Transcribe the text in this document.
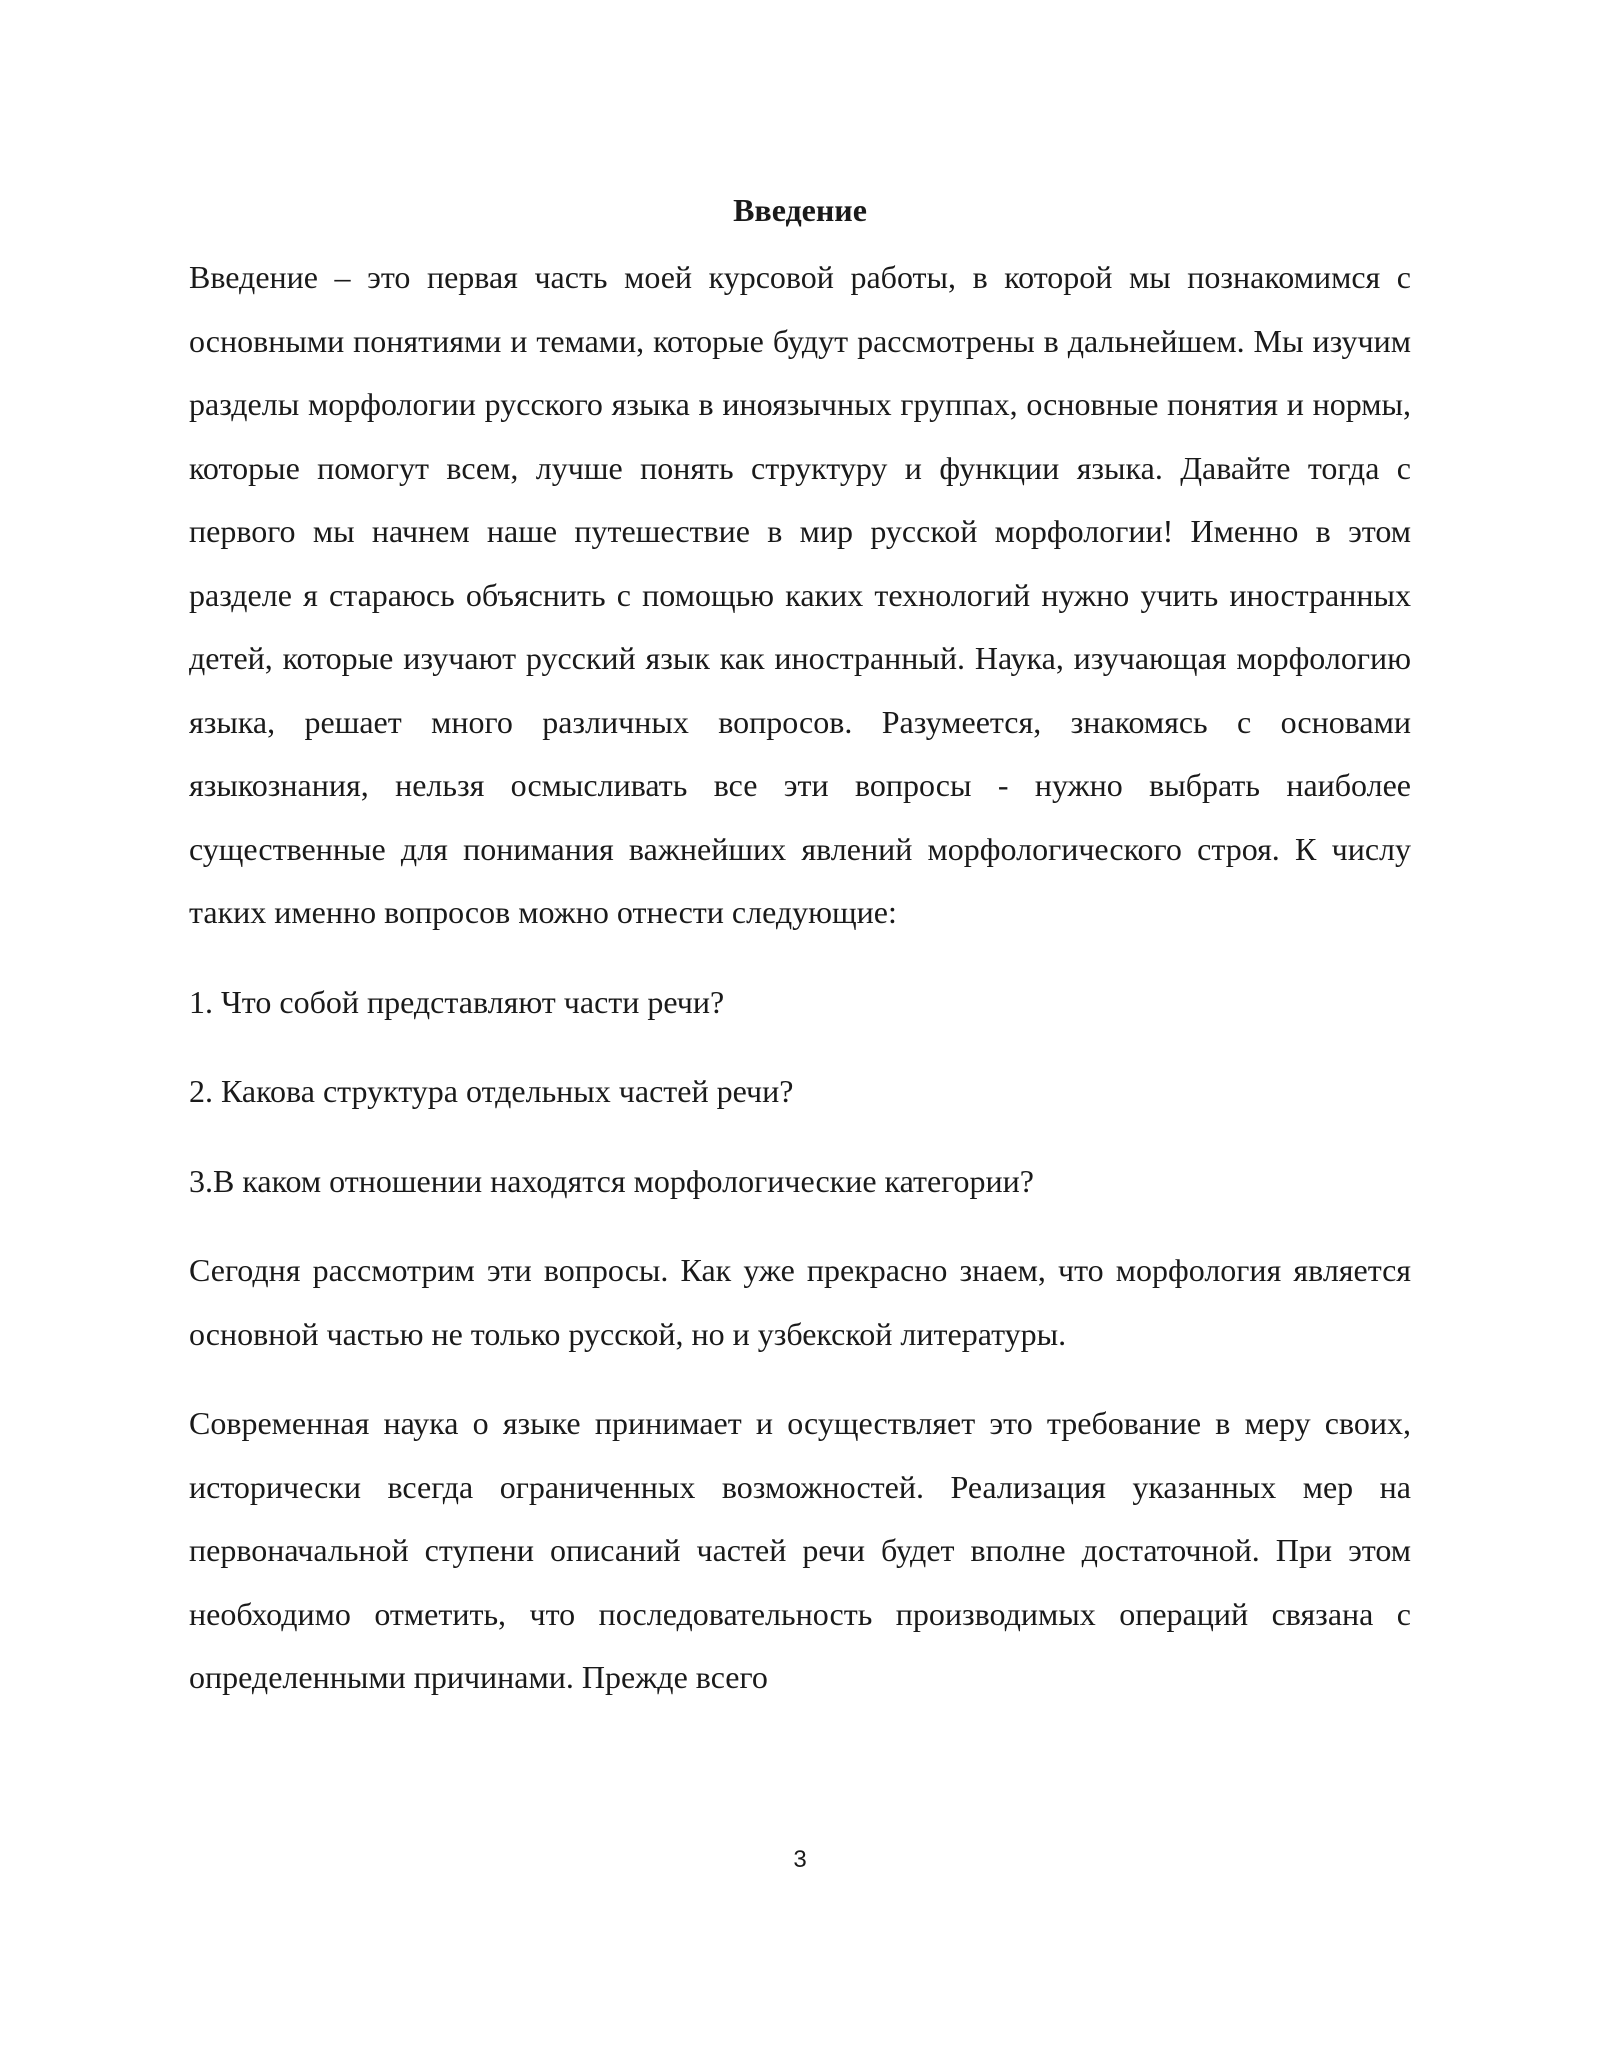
Введение

Введение – это первая часть моей курсовой работы, в которой мы познакомимся с основными понятиями и темами, которые будут рассмотрены в дальнейшем. Мы изучим разделы морфологии русского языка в иноязычных группах, основные понятия и нормы, которые помогут всем, лучше понять структуру и функции языка. Давайте тогда с первого мы начнем наше путешествие в мир русской морфологии! Именно в этом разделе я стараюсь объяснить с помощью каких технологий нужно учить иностранных детей, которые изучают русский язык как иностранный. Наука, изучающая морфологию языка, решает много различных вопросов. Разумеется, знакомясь с основами языкознания, нельзя осмысливать все эти вопросы - нужно выбрать наиболее существенные для понимания важнейших явлений морфологического строя. К числу таких именно вопросов можно отнести следующие:

1. Что собой представляют части речи?

2. Какова структура отдельных частей речи?

3.В каком отношении находятся морфологические категории?

Сегодня рассмотрим эти вопросы. Как уже прекрасно знаем, что морфология является основной частью не только русской, но и узбекской литературы.

Современная наука о языке принимает и осуществляет это требование в меру своих, исторически всегда ограниченных возможностей. Реализация указанных мер на первоначальной ступени описаний частей речи будет вполне достаточной. При этом необходимо отметить, что последовательность производимых операций связана с определенными причинами. Прежде всего

3
